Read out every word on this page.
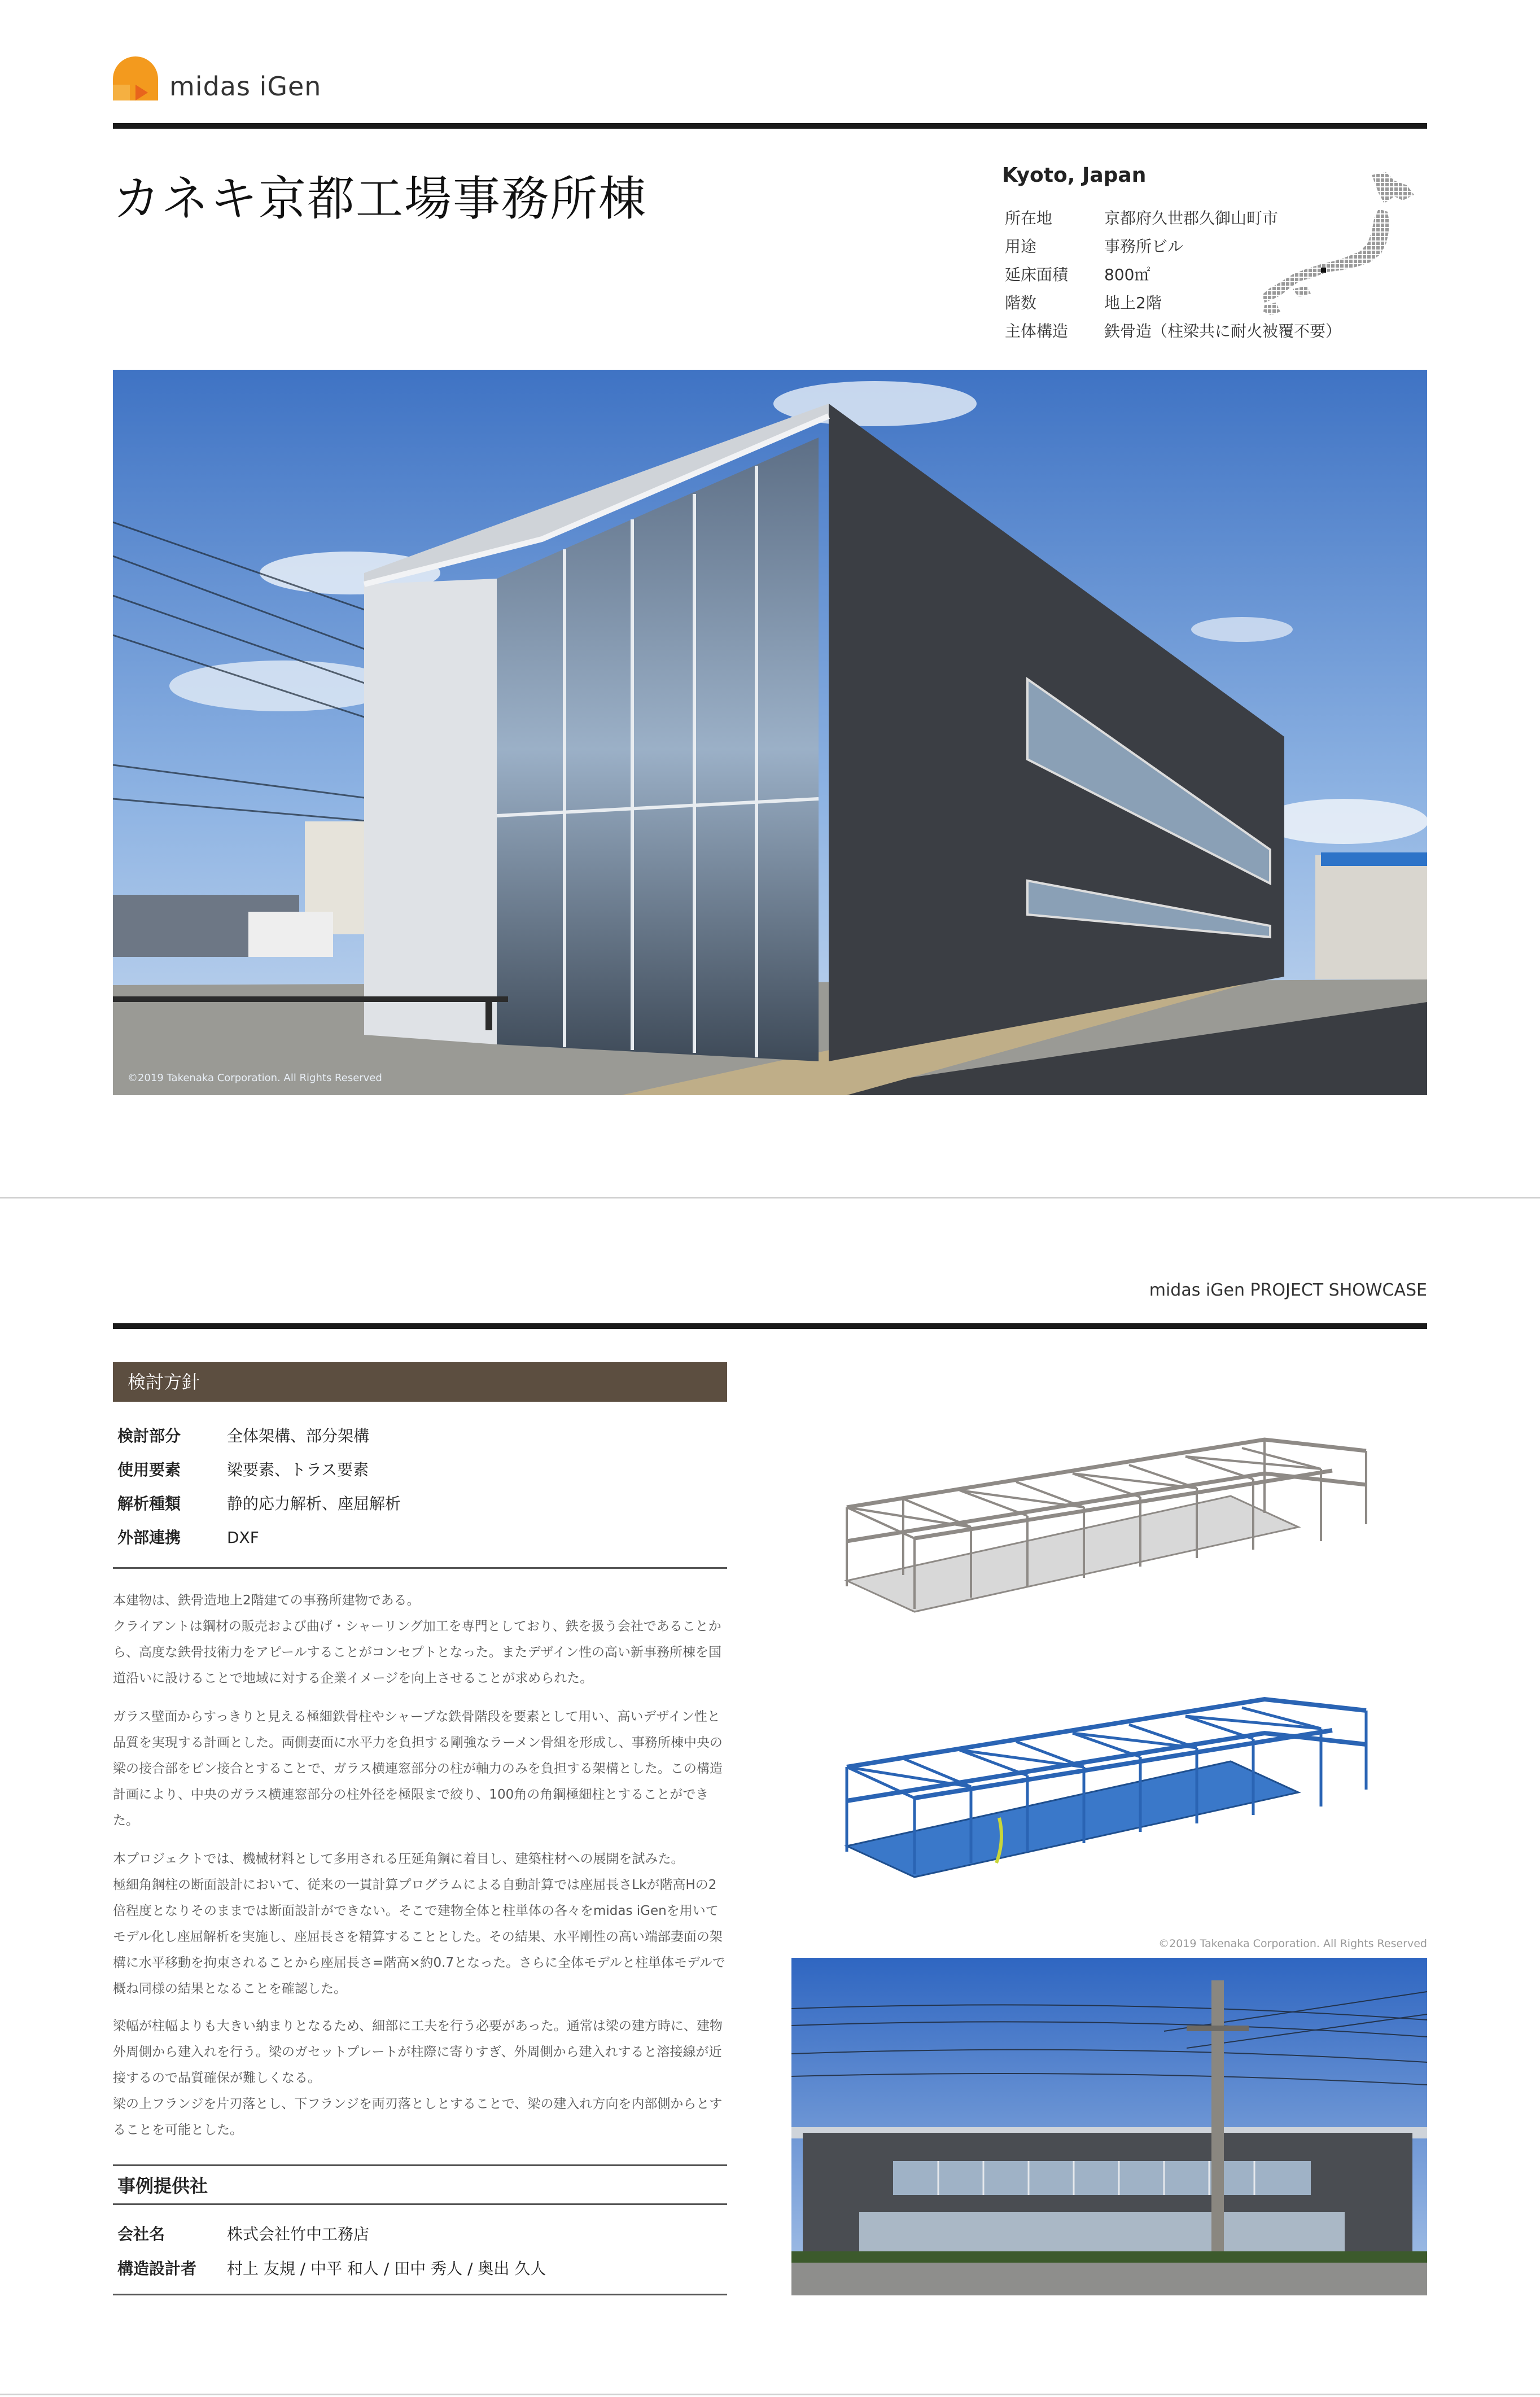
midas iGen
カネキ京都工場事務所棟	Kyoto, Japan
所在地	京都府久世郡久御山町市
用途	事務所ビル
延床面積 800㎡
階数	地上2階
主体構造 鉄骨造（柱梁共に耐火被覆不要）
©2019 Takenaka Corporation. All Rights Reserved
midas iGen PROJECT SHOWCASE
検討方針
検討部分	全体架構、部分架構
使用要素	梁要素、トラス要素
解析種類	静的応力解析、座屈解析
外部連携	DXF

本建物は、鉄骨造地上2階建ての事務所建物である。
クライアントは鋼材の販売および曲げ・シャーリング加工を専門としており、鉄を扱う会社であることから、高度な鉄骨技術力をアピールすることがコンセプトとなった。またデザイン性の高い新事務所棟を国道沿いに設けることで地域に対する企業イメージを向上させることが求められた。

ガラス壁面からすっきりと見える極細鉄骨柱やシャープな鉄骨階段を要素として用い、高いデザイン性と品質を実現する計画とした。両側妻面に水平力を負担する剛強なラーメン骨組を形成し、事務所棟中央の梁の接合部をピン接合とすることで、ガラス横連窓部分の柱が軸力のみを負担する架構とした。この構造計画により、中央のガラス横連窓部分の柱外径を極限まで絞り、100角の角鋼極細柱とすることができた。

本プロジェクトでは、機械材料として多用される圧延角鋼に着目し、建築柱材への展開を試みた。
極細角鋼柱の断面設計において、従来の一貫計算プログラムによる自動計算では座屈長さLkが階高Hの2倍程度となりそのままでは断面設計ができない。そこで建物全体と柱単体の各々をmidas iGenを用いてモデル化し座屈解析を実施し、座屈長さを精算することとした。その結果、水平剛性の高い端部妻面の架構に水平移動を拘束されることから座屈長さ=階高×約0.7となった。さらに全体モデルと柱単体モデルで概ね同様の結果となることを確認した。

梁幅が柱幅よりも大きい納まりとなるため、細部に工夫を行う必要があった。通常は梁の建方時に、建物外周側から建入れを行う。梁のガセットプレートが柱際に寄りすぎ、外周側から建入れすると溶接線が近接するので品質確保が難しくなる。
梁の上フランジを片刃落とし、下フランジを両刃落としとすることで、梁の建入れ方向を内部側からとすることを可能とした。

事例提供社
会社名	株式会社竹中工務店
構造設計者 村上 友規 / 中平 和人 / 田中 秀人 / 奥出 久人
©2019 Takenaka Corporation. All Rights Reserved
